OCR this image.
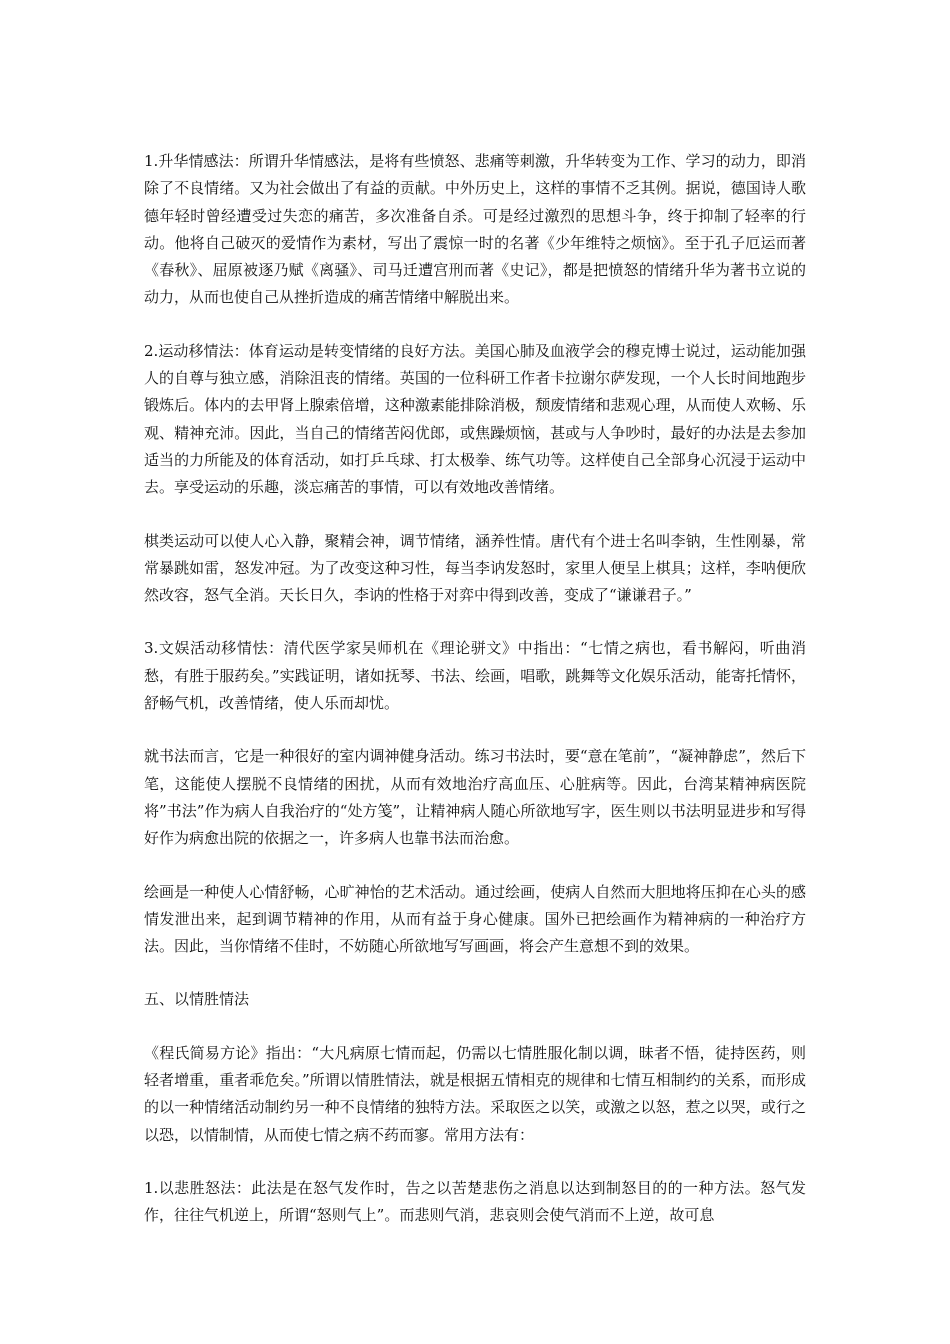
1.升华情感法：所谓升华情感法，是将有些愤怒、悲痛等刺激，升华转变为工作、学习的动力，即消除了不良情绪。又为社会做出了有益的贡献。中外历史上，这样的事情不乏其例。据说，德国诗人歌德年轻时曾经遭受过失恋的痛苦，多次准备自杀。可是经过激烈的思想斗争，终于抑制了轻率的行动。他将自己破灭的爱情作为素材，写出了震惊一时的名著《少年维特之烦恼》。至于孔子厄运而著《春秋》、屈原被逐乃赋《离骚》、司马迁遭宫刑而著《史记》，都是把愤怒的情绪升华为著书立说的动力，从而也使自己从挫折造成的痛苦情绪中解脱出来。

2.运动移情法：体育运动是转变情绪的良好方法。美国心肺及血液学会的穆克博士说过，运动能加强人的自尊与独立感，消除沮丧的情绪。英国的一位科研工作者卡拉谢尔萨发现，一个人长时间地跑步锻炼后。体内的去甲肾上腺索倍增，这种激素能排除消极，颓废情绪和悲观心理，从而使人欢畅、乐观、精神充沛。因此，当自己的情绪苦闷优郎，或焦躁烦恼，甚或与人争吵时，最好的办法是去参加适当的力所能及的体育活动，如打乒乓球、打太极拳、练气功等。这样使自己全部身心沉浸于运动中去。享受运动的乐趣，淡忘痛苦的事情，可以有效地改善情绪。

棋类运动可以使人心入静，聚精会神，调节情绪，涵养性情。唐代有个进士名叫李钠，生性刚暴，常常暴跳如雷，怒发冲冠。为了改变这种习性，每当李讷发怒时，家里人便呈上棋具；这样，李呐便欣然改容，怒气全消。天长日久，李讷的性格于对弈中得到改善，变成了“谦谦君子。”

3.文娱活动移情怯：清代医学家吴师机在《理论骈文》中指出：“七情之病也，看书解闷，听曲消愁，有胜于服药矣。”实践证明，诸如抚琴、书法、绘画，唱歌，跳舞等文化娱乐活动，能寄托情怀，舒畅气机，改善情绪，使人乐而却忧。

就书法而言，它是一种很好的室内调神健身活动。练习书法时，要“意在笔前”，“凝神静虑”，然后下笔，这能使人摆脱不良情绪的困扰，从而有效地治疗高血压、心脏病等。因此，台湾某精神病医院将”书法”作为病人自我治疗的“处方笺”，让精神病人随心所欲地写字，医生则以书法明显进步和写得好作为病愈出院的依据之一，许多病人也靠书法而治愈。

绘画是一种使人心情舒畅，心旷神怡的艺术活动。通过绘画，使病人自然而大胆地将压抑在心头的感情发泄出来，起到调节精神的作用，从而有益于身心健康。国外已把绘画作为精神病的一种治疗方法。因此，当你情绪不佳时，不妨随心所欲地写写画画，将会产生意想不到的效果。

五、以情胜情法

《程氏简易方论》指出：“大凡病原七情而起，仍需以七情胜服化制以调，昧者不悟，徒持医药，则轻者增重，重者乖危矣。”所谓以情胜情法，就是根据五情相克的规律和七情互相制约的关系，而形成的以一种情绪活动制约另一种不良情绪的独特方法。采取医之以笑，或激之以怒，惹之以哭，或行之以恐，以情制情，从而使七情之病不药而寥。常用方法有：

1.以悲胜怒法：此法是在怒气发作时，告之以苦楚悲伤之消息以达到制怒目的的一种方法。怒气发作，往往气机逆上，所谓“怒则气上”。而悲则气消，悲哀则会使气消而不上逆，故可息
